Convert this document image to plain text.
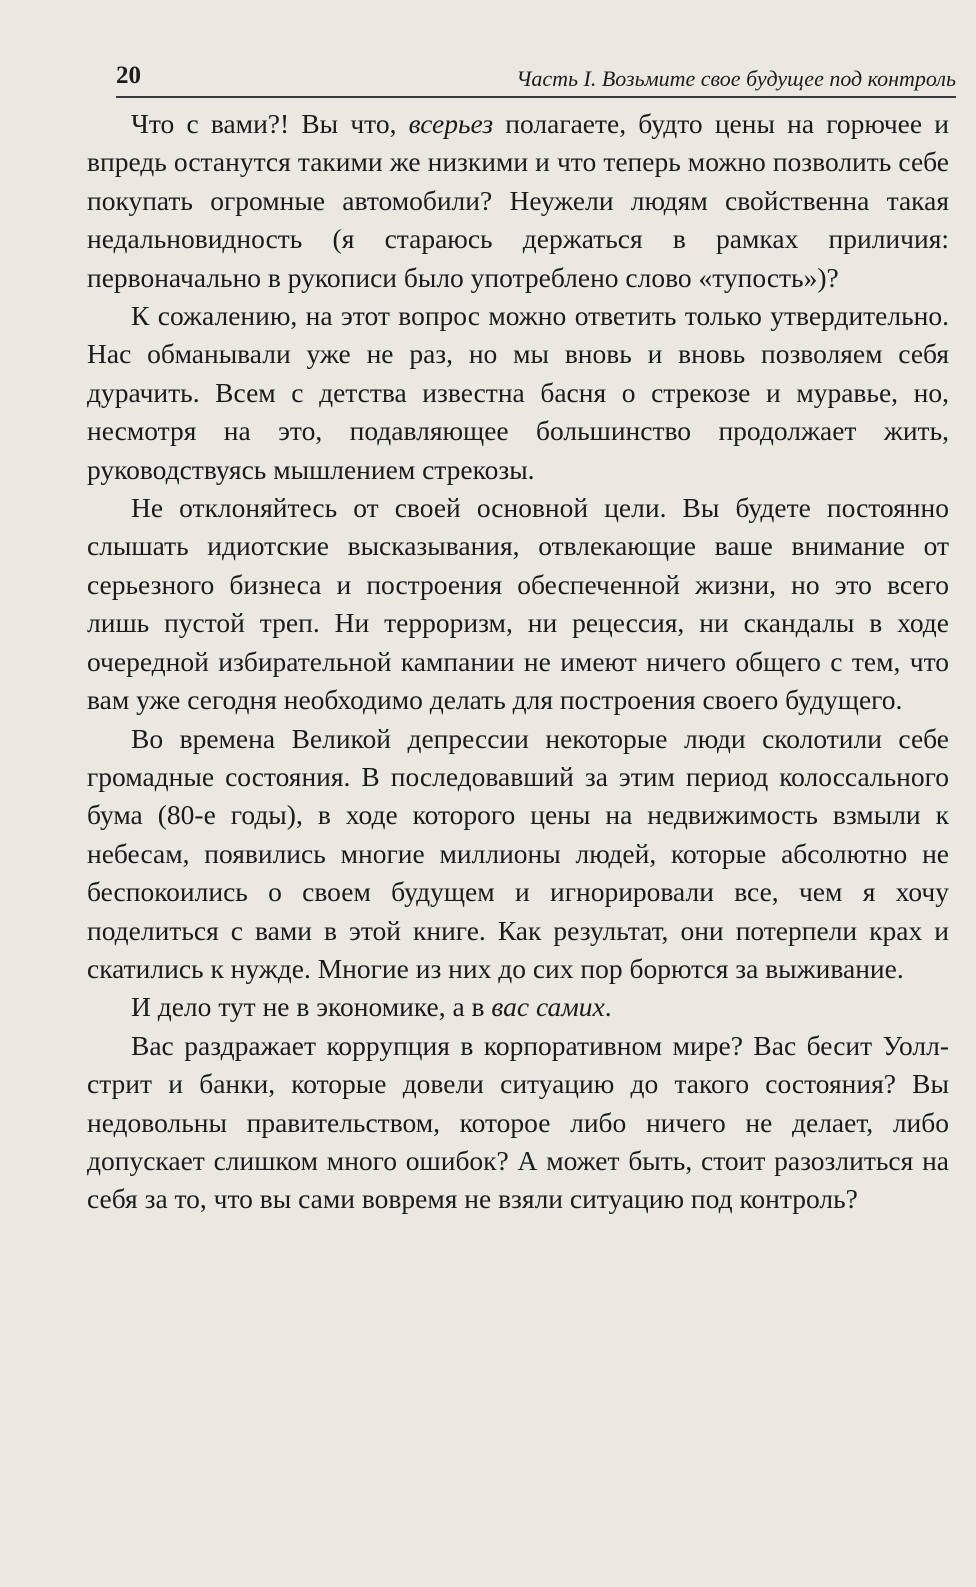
20	Часть I. Возьмите свое будущее под контроль

Что с вами?! Вы что, всерьез полагаете, будто цены на горючее и впредь останутся такими же низкими и что теперь можно позволить себе покупать огромные автомобили? Неужели людям свойственна такая недальновидность (я стараюсь держаться в рамках приличия: первоначально в рукописи было употреблено слово «тупость»)?

К сожалению, на этот вопрос можно ответить только утвердительно. Нас обманывали уже не раз, но мы вновь и вновь позволяем себя дурачить. Всем с детства известна басня о стрекозе и муравье, но, несмотря на это, подавляющее большинство продолжает жить, руководствуясь мышлением стрекозы.

Не отклоняйтесь от своей основной цели. Вы будете постоянно слышать идиотские высказывания, отвлекающие ваше внимание от серьезного бизнеса и построения обеспеченной жизни, но это всего лишь пустой треп. Ни терроризм, ни рецессия, ни скандалы в ходе очередной избирательной кампании не имеют ничего общего с тем, что вам уже сегодня необходимо делать для построения своего будущего.

Во времена Великой депрессии некоторые люди сколотили себе громадные состояния. В последовавший за этим период колоссального бума (80-е годы), в ходе которого цены на недвижимость взмыли к небесам, появились многие миллионы людей, которые абсолютно не беспокоились о своем будущем и игнорировали все, чем я хочу поделиться с вами в этой книге. Как результат, они потерпели крах и скатились к нужде. Многие из них до сих пор борются за выживание.

И дело тут не в экономике, а в вас самих.

Вас раздражает коррупция в корпоративном мире? Вас бесит Уолл-стрит и банки, которые довели ситуацию до такого состояния? Вы недовольны правительством, которое либо ничего не делает, либо допускает слишком много ошибок? А может быть, стоит разозлиться на себя за то, что вы сами вовремя не взяли ситуацию под контроль?
